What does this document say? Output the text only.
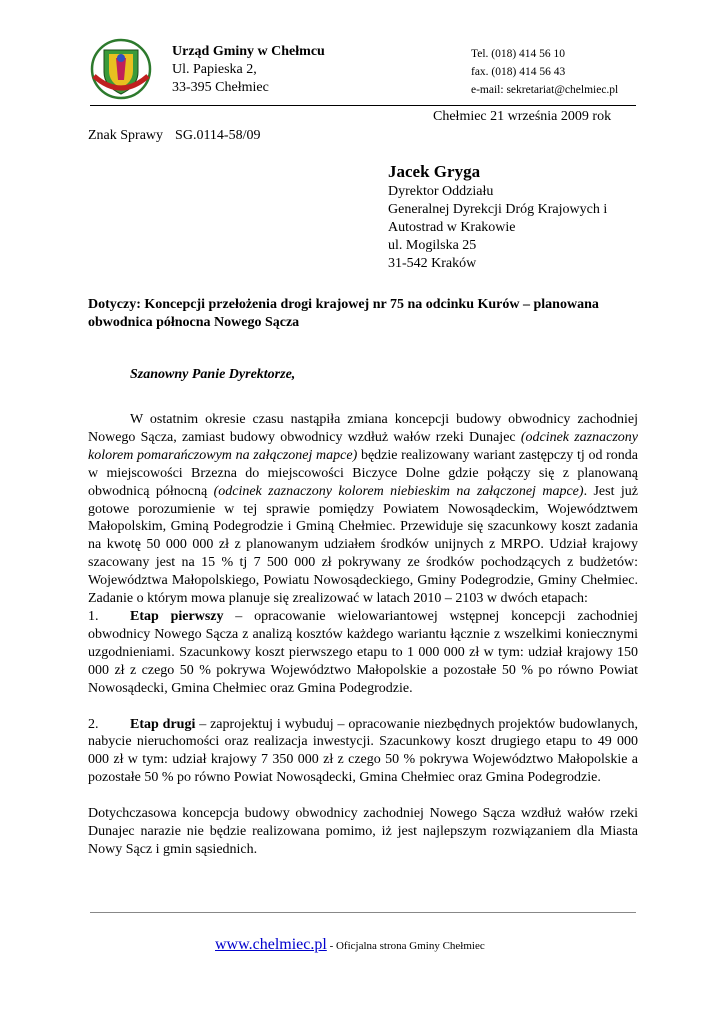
Urząd Gminy w Chełmcu
Ul. Papieska 2,
33-395 Chełmiec
Tel. (018) 414 56 10
fax. (018) 414 56 43
e-mail: sekretariat@chelmiec.pl
Chełmiec 21 września 2009 rok
Znak Sprawy SG.0114-58/09
Jacek Gryga
Dyrektor Oddziału
Generalnej Dyrekcji Dróg Krajowych i
Autostrad w Krakowie
ul. Mogilska 25
31-542 Kraków
Dotyczy: Koncepcji przełożenia drogi krajowej nr 75 na odcinku Kurów – planowana obwodnica północna Nowego Sącza
Szanowny Panie Dyrektorze,

W ostatnim okresie czasu nastąpiła zmiana koncepcji budowy obwodnicy zachodniej Nowego Sącza, zamiast budowy obwodnicy wzdłuż wałów rzeki Dunajec (odcinek zaznaczony kolorem pomarańczowym na załączonej mapce) będzie realizowany wariant zastępczy tj od ronda w miejscowości Brzezna do miejscowości Biczyce Dolne gdzie połączy się z planowaną obwodnicą północną (odcinek zaznaczony kolorem niebieskim na załączonej mapce). Jest już gotowe porozumienie w tej sprawie pomiędzy Powiatem Nowosądeckim, Województwem Małopolskim, Gminą Podegrodzie i Gminą Chełmiec. Przewiduje się szacunkowy koszt zadania na kwotę 50 000 000 zł z planowanym udziałem środków unijnych z MRPO. Udział krajowy szacowany jest na 15 % tj 7 500 000 zł pokrywany ze środków pochodzących z budżetów: Województwa Małopolskiego, Powiatu Nowosądeckiego, Gminy Podegrodzie, Gminy Chełmiec. Zadanie o którym mowa planuje się zrealizować w latach 2010 – 2103 w dwóch etapach:

1. Etap pierwszy – opracowanie wielowariantowej wstępnej koncepcji zachodniej obwodnicy Nowego Sącza z analizą kosztów każdego wariantu łącznie z wszelkimi koniecznymi uzgodnieniami. Szacunkowy koszt pierwszego etapu to 1 000 000 zł w tym: udział krajowy 150 000 zł z czego 50 % pokrywa Województwo Małopolskie a pozostałe 50 % po równo Powiat Nowosądecki, Gmina Chełmiec oraz Gmina Podegrodzie.

2. Etap drugi – zaprojektuj i wybuduj – opracowanie niezbędnych projektów budowlanych, nabycie nieruchomości oraz realizacja inwestycji. Szacunkowy koszt drugiego etapu to 49 000 000 zł w tym: udział krajowy 7 350 000 zł z czego 50 % pokrywa Województwo Małopolskie a pozostałe 50 % po równo Powiat Nowosądecki, Gmina Chełmiec oraz Gmina Podegrodzie.

Dotychczasowa koncepcja budowy obwodnicy zachodniej Nowego Sącza wzdłuż wałów rzeki Dunajec narazie nie będzie realizowana pomimo, iż jest najlepszym rozwiązaniem dla Miasta Nowy Sącz i gmin sąsiednich.

www.chelmiec.pl - Oficjalna strona Gminy Chełmiec
